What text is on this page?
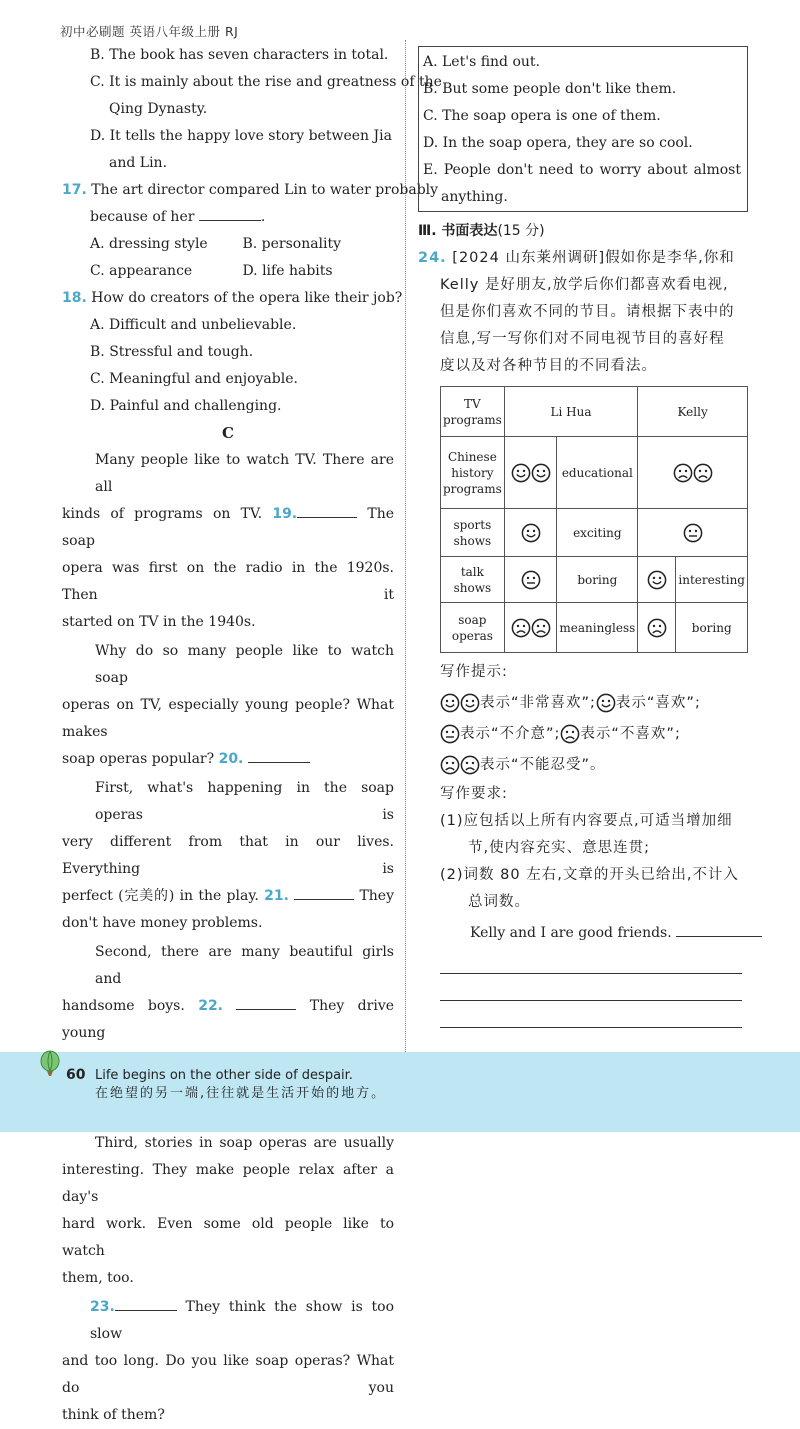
初中必刷题 英语八年级上册 RJ
B. The book has seven characters in total.
C. It is mainly about the rise and greatness of the
Qing Dynasty.
D. It tells the happy love story between Jia
and Lin.
17. The art director compared Lin to water probably
because of her	.
A. dressing style B. personality
C. appearance	D. life habits
18. How do creators of the opera like their job?
A. Difficult and unbelievable.
B. Stressful and tough.
C. Meaningful and enjoyable.
D. Painful and challenging.
C
Many people like to watch TV. There are all
kinds of programs on TV. 19.	The soap
opera was first on the radio in the 1920s. Then it
started on TV in the 1940s.
Why do so many people like to watch soap
operas on TV, especially young people? What makes
soap operas popular? 20.
First, what's happening in the soap operas is
very different from that in our lives. Everything is
perfect (完美的) in the play. 21.	They
don't have money problems.
Second, there are many beautiful girls and
handsome boys. 22.	They drive young
Third, stories in soap operas are usually
interesting. They make people relax after a day's
hard work. Even some old people like to watch
them, too.
23.	They think the show is too slow
and too long. Do you like soap operas? What do you
think of them?
A. Let's find out.
B. But some people don't like them.
C. The soap opera is one of them.
D. In the soap opera, they are so cool.
E. People don't need to worry about almost
anything.
Ⅲ. 书面表达(15 分)
24. [2024 山东莱州调研]假如你是李华,你和
Kelly 是好朋友,放学后你们都喜欢看电视,
但是你们喜欢不同的节目。请根据下表中的
信息,写一写你们对不同电视节目的喜好程
度以及对各种节目的不同看法。
TV
programs	Li Hua		Kelly	
Chinese
history
programs		educational	
sports
shows		exciting	
talk
shows		boring		interesting
soap
operas		meaningless		boring
写作提示:
表示“非常喜欢”; 表示“喜欢”;
表示“不介意”; 表示“不喜欢”;
表示“不能忍受”。
写作要求:
(1)应包括以上所有内容要点,可适当增加细
节,使内容充实、意思连贯;
(2)词数 80 左右,文章的开头已给出,不计入
总词数。
Kelly and I are good friends.
60 Life begins on the other side of despair.
在绝望的另一端,往往就是生活开始的地方。
